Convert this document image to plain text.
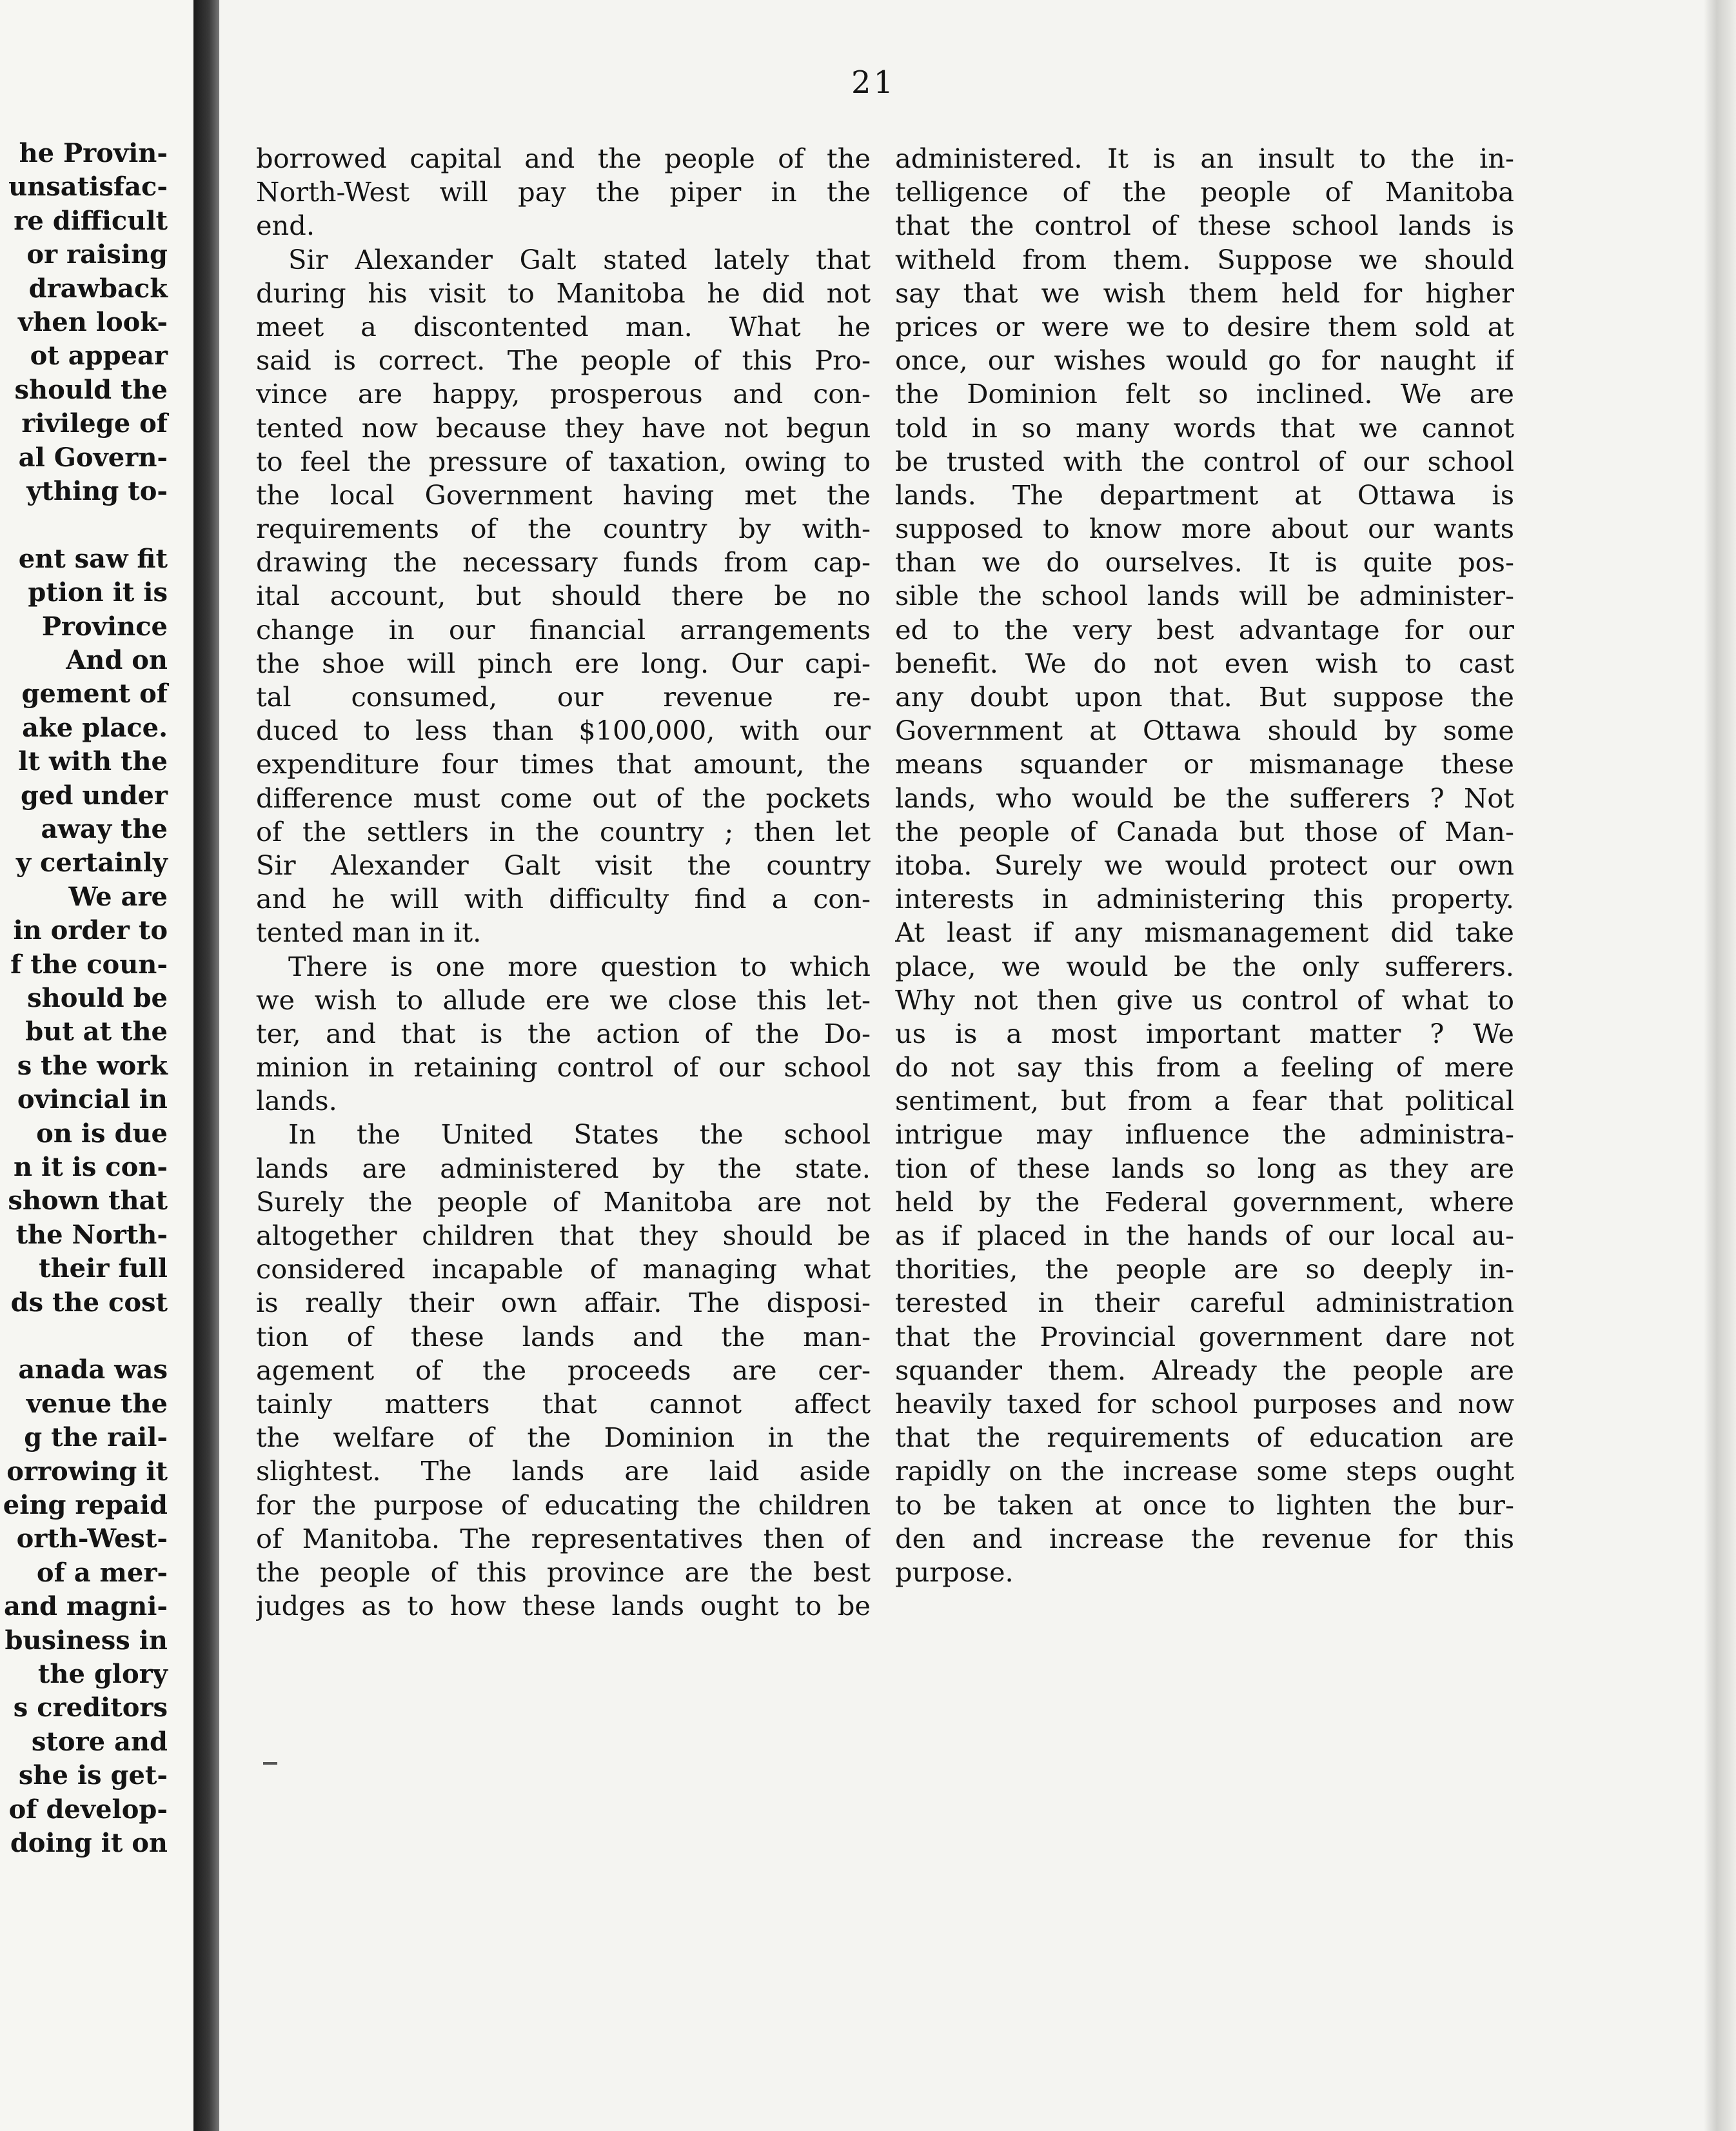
he Provin-
unsatisfac-
re difficult
or raising
drawback
vhen look-
ot appear
should the
rivilege of
al Govern-
ything to-
ent saw fit
ption it is
Province
And on
gement of
ake place.
lt with the
ged under
away the
y certainly
We are
in order to
f the coun-
should be
but at the
s the work
ovincial in
on is due
n it is con-
shown that
the North-
their full
ds the cost
anada was
venue the
g the rail-
orrowing it
eing repaid
orth-West-
of a mer-
and magni-
business in
the glory
s creditors
store and
she is get-
of develop-
doing it on
21
borrowed capital and the people of the
North-West will pay the piper in the
end.
Sir Alexander Galt stated lately that
during his visit to Manitoba he did not
meet a discontented man. What he
said is correct. The people of this Pro-
vince are happy, prosperous and con-
tented now because they have not begun
to feel the pressure of taxation, owing to
the local Government having met the
requirements of the country by with-
drawing the necessary funds from cap-
ital account, but should there be no
change in our financial arrangements
the shoe will pinch ere long. Our capi-
tal consumed, our revenue re-
duced to less than $100,000, with our
expenditure four times that amount, the
difference must come out of the pockets
of the settlers in the country ; then let
Sir Alexander Galt visit the country
and he will with difficulty find a con-
tented man in it.
There is one more question to which
we wish to allude ere we close this let-
ter, and that is the action of the Do-
minion in retaining control of our school
lands.
In the United States the school
lands are administered by the state.
Surely the people of Manitoba are not
altogether children that they should be
considered incapable of managing what
is really their own affair. The disposi-
tion of these lands and the man-
agement of the proceeds are cer-
tainly matters that cannot affect
the welfare of the Dominion in the
slightest. The lands are laid aside
for the purpose of educating the children
of Manitoba. The representatives then of
the people of this province are the best
judges as to how these lands ought to be
administered. It is an insult to the in-
telligence of the people of Manitoba
that the control of these school lands is
witheld from them. Suppose we should
say that we wish them held for higher
prices or were we to desire them sold at
once, our wishes would go for naught if
the Dominion felt so inclined. We are
told in so many words that we cannot
be trusted with the control of our school
lands. The department at Ottawa is
supposed to know more about our wants
than we do ourselves. It is quite pos-
sible the school lands will be administer-
ed to the very best advantage for our
benefit. We do not even wish to cast
any doubt upon that. But suppose the
Government at Ottawa should by some
means squander or mismanage these
lands, who would be the sufferers ? Not
the people of Canada but those of Man-
itoba. Surely we would protect our own
interests in administering this property.
At least if any mismanagement did take
place, we would be the only sufferers.
Why not then give us control of what to
us is a most important matter ? We
do not say this from a feeling of mere
sentiment, but from a fear that political
intrigue may influence the administra-
tion of these lands so long as they are
held by the Federal government, where
as if placed in the hands of our local au-
thorities, the people are so deeply in-
terested in their careful administration
that the Provincial government dare not
squander them. Already the people are
heavily taxed for school purposes and now
that the requirements of education are
rapidly on the increase some steps ought
to be taken at once to lighten the bur-
den and increase the revenue for this
purpose.
